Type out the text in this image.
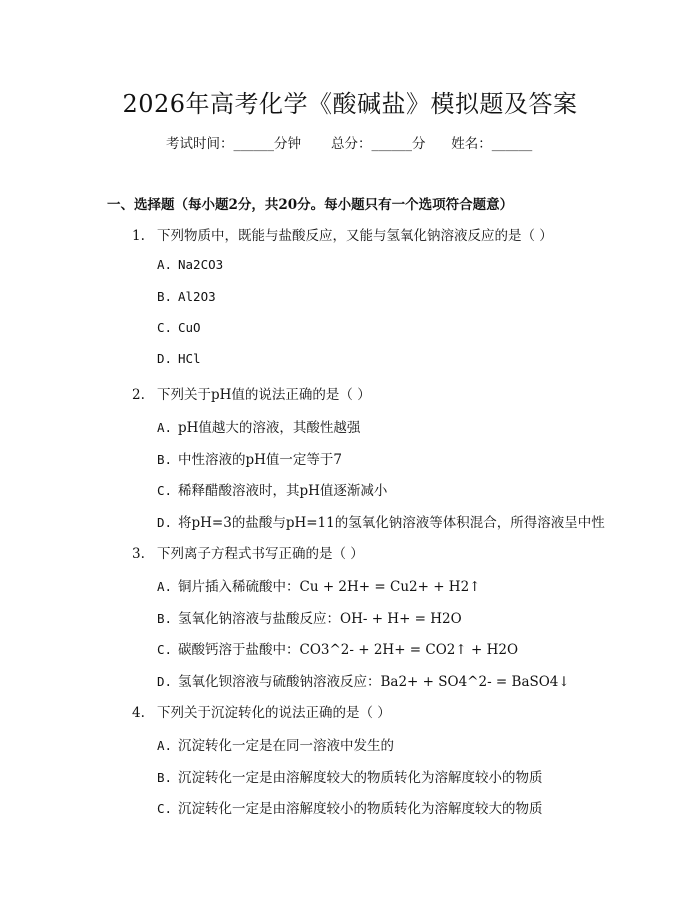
2026年高考化学《酸碱盐》模拟题及答案
考试时间：______分钟 总分：______分 姓名：______
一、选择题（每小题2分，共20分。每小题只有一个选项符合题意）
1. 下列物质中，既能与盐酸反应，又能与氢氧化钠溶液反应的是（ ）
A. Na2CO3
B. Al2O3
C. CuO
D. HCl
2. 下列关于pH值的说法正确的是（ ）
A. pH值越大的溶液，其酸性越强
B. 中性溶液的pH值一定等于7
C. 稀释醋酸溶液时，其pH值逐渐减小
D. 将pH=3的盐酸与pH=11的氢氧化钠溶液等体积混合，所得溶液呈中性
3. 下列离子方程式书写正确的是（ ）
A. 铜片插入稀硫酸中：Cu + 2H+ = Cu2+ + H2↑
B. 氢氧化钠溶液与盐酸反应：OH- + H+ = H2O
C. 碳酸钙溶于盐酸中：CO3^2- + 2H+ = CO2↑ + H2O
D. 氢氧化钡溶液与硫酸钠溶液反应：Ba2+ + SO4^2- = BaSO4↓
4. 下列关于沉淀转化的说法正确的是（ ）
A. 沉淀转化一定是在同一溶液中发生的
B. 沉淀转化一定是由溶解度较大的物质转化为溶解度较小的物质
C. 沉淀转化一定是由溶解度较小的物质转化为溶解度较大的物质
